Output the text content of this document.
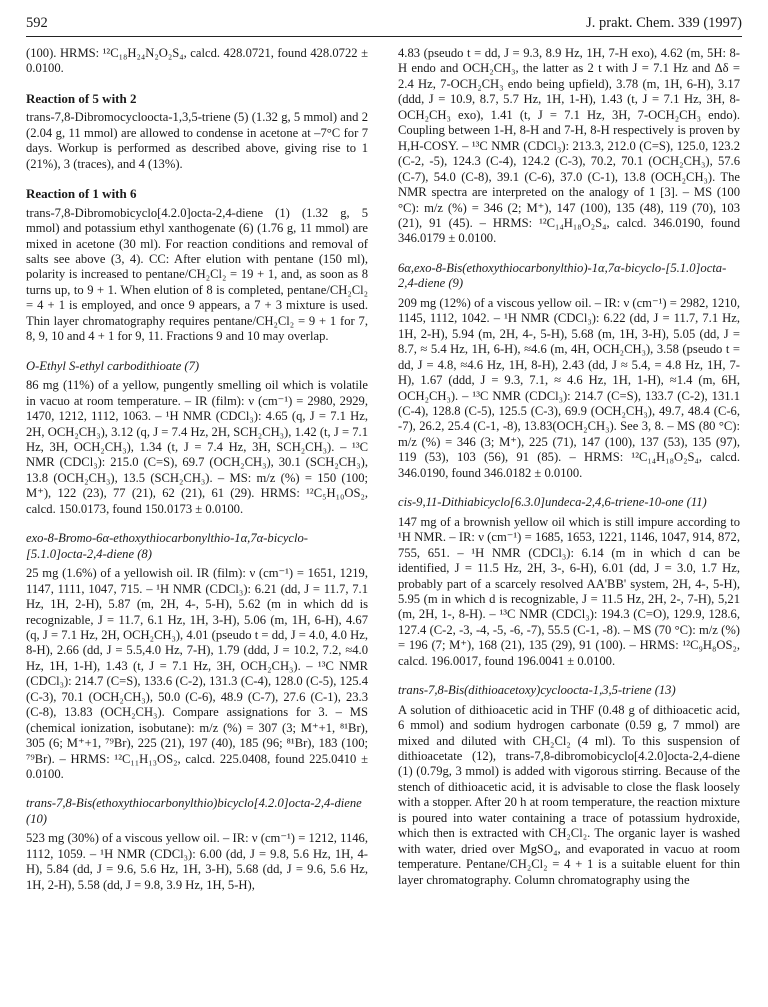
592	J. prakt. Chem. 339 (1997)

(100). HRMS: ¹²C₁₈H₂₄N₂O₂S₄, calcd. 428.0721, found 428.0722 ± 0.0100.

Reaction of 5 with 2

trans-7,8-Dibromocycloocta-1,3,5-triene (5) (1.32 g, 5 mmol) and 2 (2.04 g, 11 mmol) are allowed to condense in acetone at –7°C for 7 days. Workup is performed as described above, giving rise to 1 (21%), 3 (traces), and 4 (13%).

Reaction of 1 with 6

trans-7,8-Dibromobicyclo[4.2.0]octa-2,4-diene (1) (1.32 g, 5 mmol) and potassium ethyl xanthogenate (6) (1.76 g, 11 mmol) are mixed in acetone (30 ml). For reaction conditions and removal of salts see above (3, 4). CC: After elution with pentane (150 ml), polarity is increased to pentane/CH₂Cl₂ = 19 + 1, and, as soon as 8 turns up, to 9 + 1. When elution of 8 is completed, pentane/CH₂Cl₂ = 4 + 1 is employed, and once 9 appears, a 7 + 3 mixture is used. Thin layer chromatography requires pentane/CH₂Cl₂ = 9 + 1 for 7, 8, 9, 10 and 4 + 1 for 9, 11. Fractions 9 and 10 may overlap.

O-Ethyl S-ethyl carbodithioate (7)

86 mg (11%) of a yellow, pungently smelling oil which is volatile in vacuo at room temperature. – IR (film): ν (cm⁻¹) = 2980, 2929, 1470, 1212, 1112, 1063. – ¹H NMR (CDCl₃): 4.65 (q, J = 7.1 Hz, 2H, OCH₂CH₃), 3.12 (q, J = 7.4 Hz, 2H, SCH₂CH₃), 1.42 (t, J = 7.1 Hz, 3H, OCH₂CH₃), 1.34 (t, J = 7.4 Hz, 3H, SCH₂CH₃). – ¹³C NMR (CDCl₃): 215.0 (C=S), 69.7 (OCH₂CH₃), 30.1 (SCH₂CH₃), 13.8 (OCH₂CH₃), 13.5 (SCH₂CH₃). – MS: m/z (%) = 150 (100; M⁺), 122 (23), 77 (21), 62 (21), 61 (29). HRMS: ¹²C₅H₁₀OS₂, calcd. 150.0173, found 150.0173 ± 0.0100.

exo-8-Bromo-6α-ethoxythiocarbonylthio-1α,7α-bicyclo-[5.1.0]octa-2,4-diene (8)

25 mg (1.6%) of a yellowish oil. IR (film): ν (cm⁻¹) = 1651, 1219, 1147, 1111, 1047, 715. – ¹H NMR (CDCl₃): 6.21 (dd, J = 11.7, 7.1 Hz, 1H, 2-H), 5.87 (m, 2H, 4-, 5-H), 5.62 (m in which dd is recognizable, J = 11.7, 6.1 Hz, 1H, 3-H), 5.06 (m, 1H, 6-H), 4.67 (q, J = 7.1 Hz, 2H, OCH₂CH₃), 4.01 (pseudo t = dd, J = 4.0, 4.0 Hz, 8-H), 2.66 (dd, J = 5.5,4.0 Hz, 7-H), 1.79 (ddd, J = 10.2, 7.2, ≈4.0 Hz, 1H, 1-H), 1.43 (t, J = 7.1 Hz, 3H, OCH₂CH₃). – ¹³C NMR (CDCl₃): 214.7 (C=S), 133.6 (C-2), 131.3 (C-4), 128.0 (C-5), 125.4 (C-3), 70.1 (OCH₂CH₃), 50.0 (C-6), 48.9 (C-7), 27.6 (C-1), 23.3 (C-8), 13.83 (OCH₂CH₃). Compare assignations for 3. – MS (chemical ionization, isobutane): m/z (%) = 307 (3; M⁺+1, ⁸¹Br), 305 (6; M⁺+1, ⁷⁹Br), 225 (21), 197 (40), 185 (96; ⁸¹Br), 183 (100; ⁷⁹Br). – HRMS: ¹²C₁₁H₁₃OS₂, calcd. 225.0408, found 225.0410 ± 0.0100.

trans-7,8-Bis(ethoxythiocarbonylthio)bicyclo[4.2.0]octa-2,4-diene (10)

523 mg (30%) of a viscous yellow oil. – IR: ν (cm⁻¹) = 1212, 1146, 1112, 1059. – ¹H NMR (CDCl₃): 6.00 (dd, J = 9.8, 5.6 Hz, 1H, 4-H), 5.84 (dd, J = 9.6, 5.6 Hz, 1H, 3-H), 5.68 (dd, J = 9.6, 5.6 Hz, 1H, 2-H), 5.58 (dd, J = 9.8, 3.9 Hz, 1H, 5-H),

4.83 (pseudo t = dd, J = 9.3, 8.9 Hz, 1H, 7-H exo), 4.62 (m, 5H: 8-H endo and OCH₂CH₃, the latter as 2 t with J = 7.1 Hz and Δδ = 2.4 Hz, 7-OCH₂CH₃ endo being upfield), 3.78 (m, 1H, 6-H), 3.17 (ddd, J = 10.9, 8.7, 5.7 Hz, 1H, 1-H), 1.43 (t, J = 7.1 Hz, 3H, 8-OCH₂CH₃ exo), 1.41 (t, J = 7.1 Hz, 3H, 7-OCH₂CH₃ endo). Coupling between 1-H, 8-H and 7-H, 8-H respectively is proven by H,H-COSY. – ¹³C NMR (CDCl₃): 213.3, 212.0 (C=S), 125.0, 123.2 (C-2, -5), 124.3 (C-4), 124.2 (C-3), 70.2, 70.1 (OCH₂CH₃), 57.6 (C-7), 54.0 (C-8), 39.1 (C-6), 37.0 (C-1), 13.8 (OCH₂CH₃). The NMR spectra are interpreted on the analogy of 1 [3]. – MS (100 °C): m/z (%) = 346 (2; M⁺), 147 (100), 135 (48), 119 (70), 103 (21), 91 (45). – HRMS: ¹²C₁₄H₁₈O₂S₄, calcd. 346.0190, found 346.0179 ± 0.0100.

6α,exo-8-Bis(ethoxythiocarbonylthio)-1α,7α-bicyclo-[5.1.0]octa-2,4-diene (9)

209 mg (12%) of a viscous yellow oil. – IR: ν (cm⁻¹) = 2982, 1210, 1145, 1112, 1042. – ¹H NMR (CDCl₃): 6.22 (dd, J = 11.7, 7.1 Hz, 1H, 2-H), 5.94 (m, 2H, 4-, 5-H), 5.68 (m, 1H, 3-H), 5.05 (dd, J = 8.7, ≈ 5.4 Hz, 1H, 6-H), ≈4.6 (m, 4H, OCH₂CH₃), 3.58 (pseudo t = dd, J = 4.8, ≈4.6 Hz, 1H, 8-H), 2.43 (dd, J ≈ 5.4, = 4.8 Hz, 1H, 7-H), 1.67 (ddd, J = 9.3, 7.1, ≈ 4.6 Hz, 1H, 1-H), ≈1.4 (m, 6H, OCH₂CH₃). – ¹³C NMR (CDCl₃): 214.7 (C=S), 133.7 (C-2), 131.1 (C-4), 128.8 (C-5), 125.5 (C-3), 69.9 (OCH₂CH₃), 49.7, 48.4 (C-6, -7), 26.2, 25.4 (C-1, -8), 13.83(OCH₂CH₃). See 3, 8. – MS (80 °C): m/z (%) = 346 (3; M⁺), 225 (71), 147 (100), 137 (53), 135 (97), 119 (53), 103 (56), 91 (85). – HRMS: ¹²C₁₄H₁₈O₂S₄, calcd. 346.0190, found 346.0182 ± 0.0100.

cis-9,11-Dithiabicyclo[6.3.0]undeca-2,4,6-triene-10-one (11)

147 mg of a brownish yellow oil which is still impure according to ¹H NMR. – IR: ν (cm⁻¹) = 1685, 1653, 1221, 1146, 1047, 914, 872, 755, 651. – ¹H NMR (CDCl₃): 6.14 (m in which d can be identified, J = 11.5 Hz, 2H, 3-, 6-H), 6.01 (dd, J = 3.0, 1.7 Hz, probably part of a scarcely resolved AA'BB' system, 2H, 4-, 5-H), 5.95 (m in which d is recognizable, J = 11.5 Hz, 2H, 2-, 7-H), 5,21 (m, 2H, 1-, 8-H). – ¹³C NMR (CDCl₃): 194.3 (C=O), 129.9, 128.6, 127.4 (C-2, -3, -4, -5, -6, -7), 55.5 (C-1, -8). – MS (70 °C): m/z (%) = 196 (7; M⁺), 168 (21), 135 (29), 91 (100). – HRMS: ¹²C₉H₈OS₂, calcd. 196.0017, found 196.0041 ± 0.0100.

trans-7,8-Bis(dithioacetoxy)cycloocta-1,3,5-triene (13)

A solution of dithioacetic acid in THF (0.48 g of dithioacetic acid, 6 mmol) and sodium hydrogen carbonate (0.59 g, 7 mmol) are mixed and diluted with CH₂Cl₂ (4 ml). To this suspension of dithioacetate (12), trans-7,8-dibromobicyclo[4.2.0]octa-2,4-diene (1) (0.79g, 3 mmol) is added with vigorous stirring. Because of the stench of dithioacetic acid, it is advisable to close the flask loosely with a stopper. After 20 h at room temperature, the reaction mixture is poured into water containing a trace of potassium hydroxide, which then is extracted with CH₂Cl₂. The organic layer is washed with water, dried over MgSO₄, and evaporated in vacuo at room temperature. Pentane/CH₂Cl₂ = 4 + 1 is a suitable eluent for thin layer chromatography. Column chromatography using the
